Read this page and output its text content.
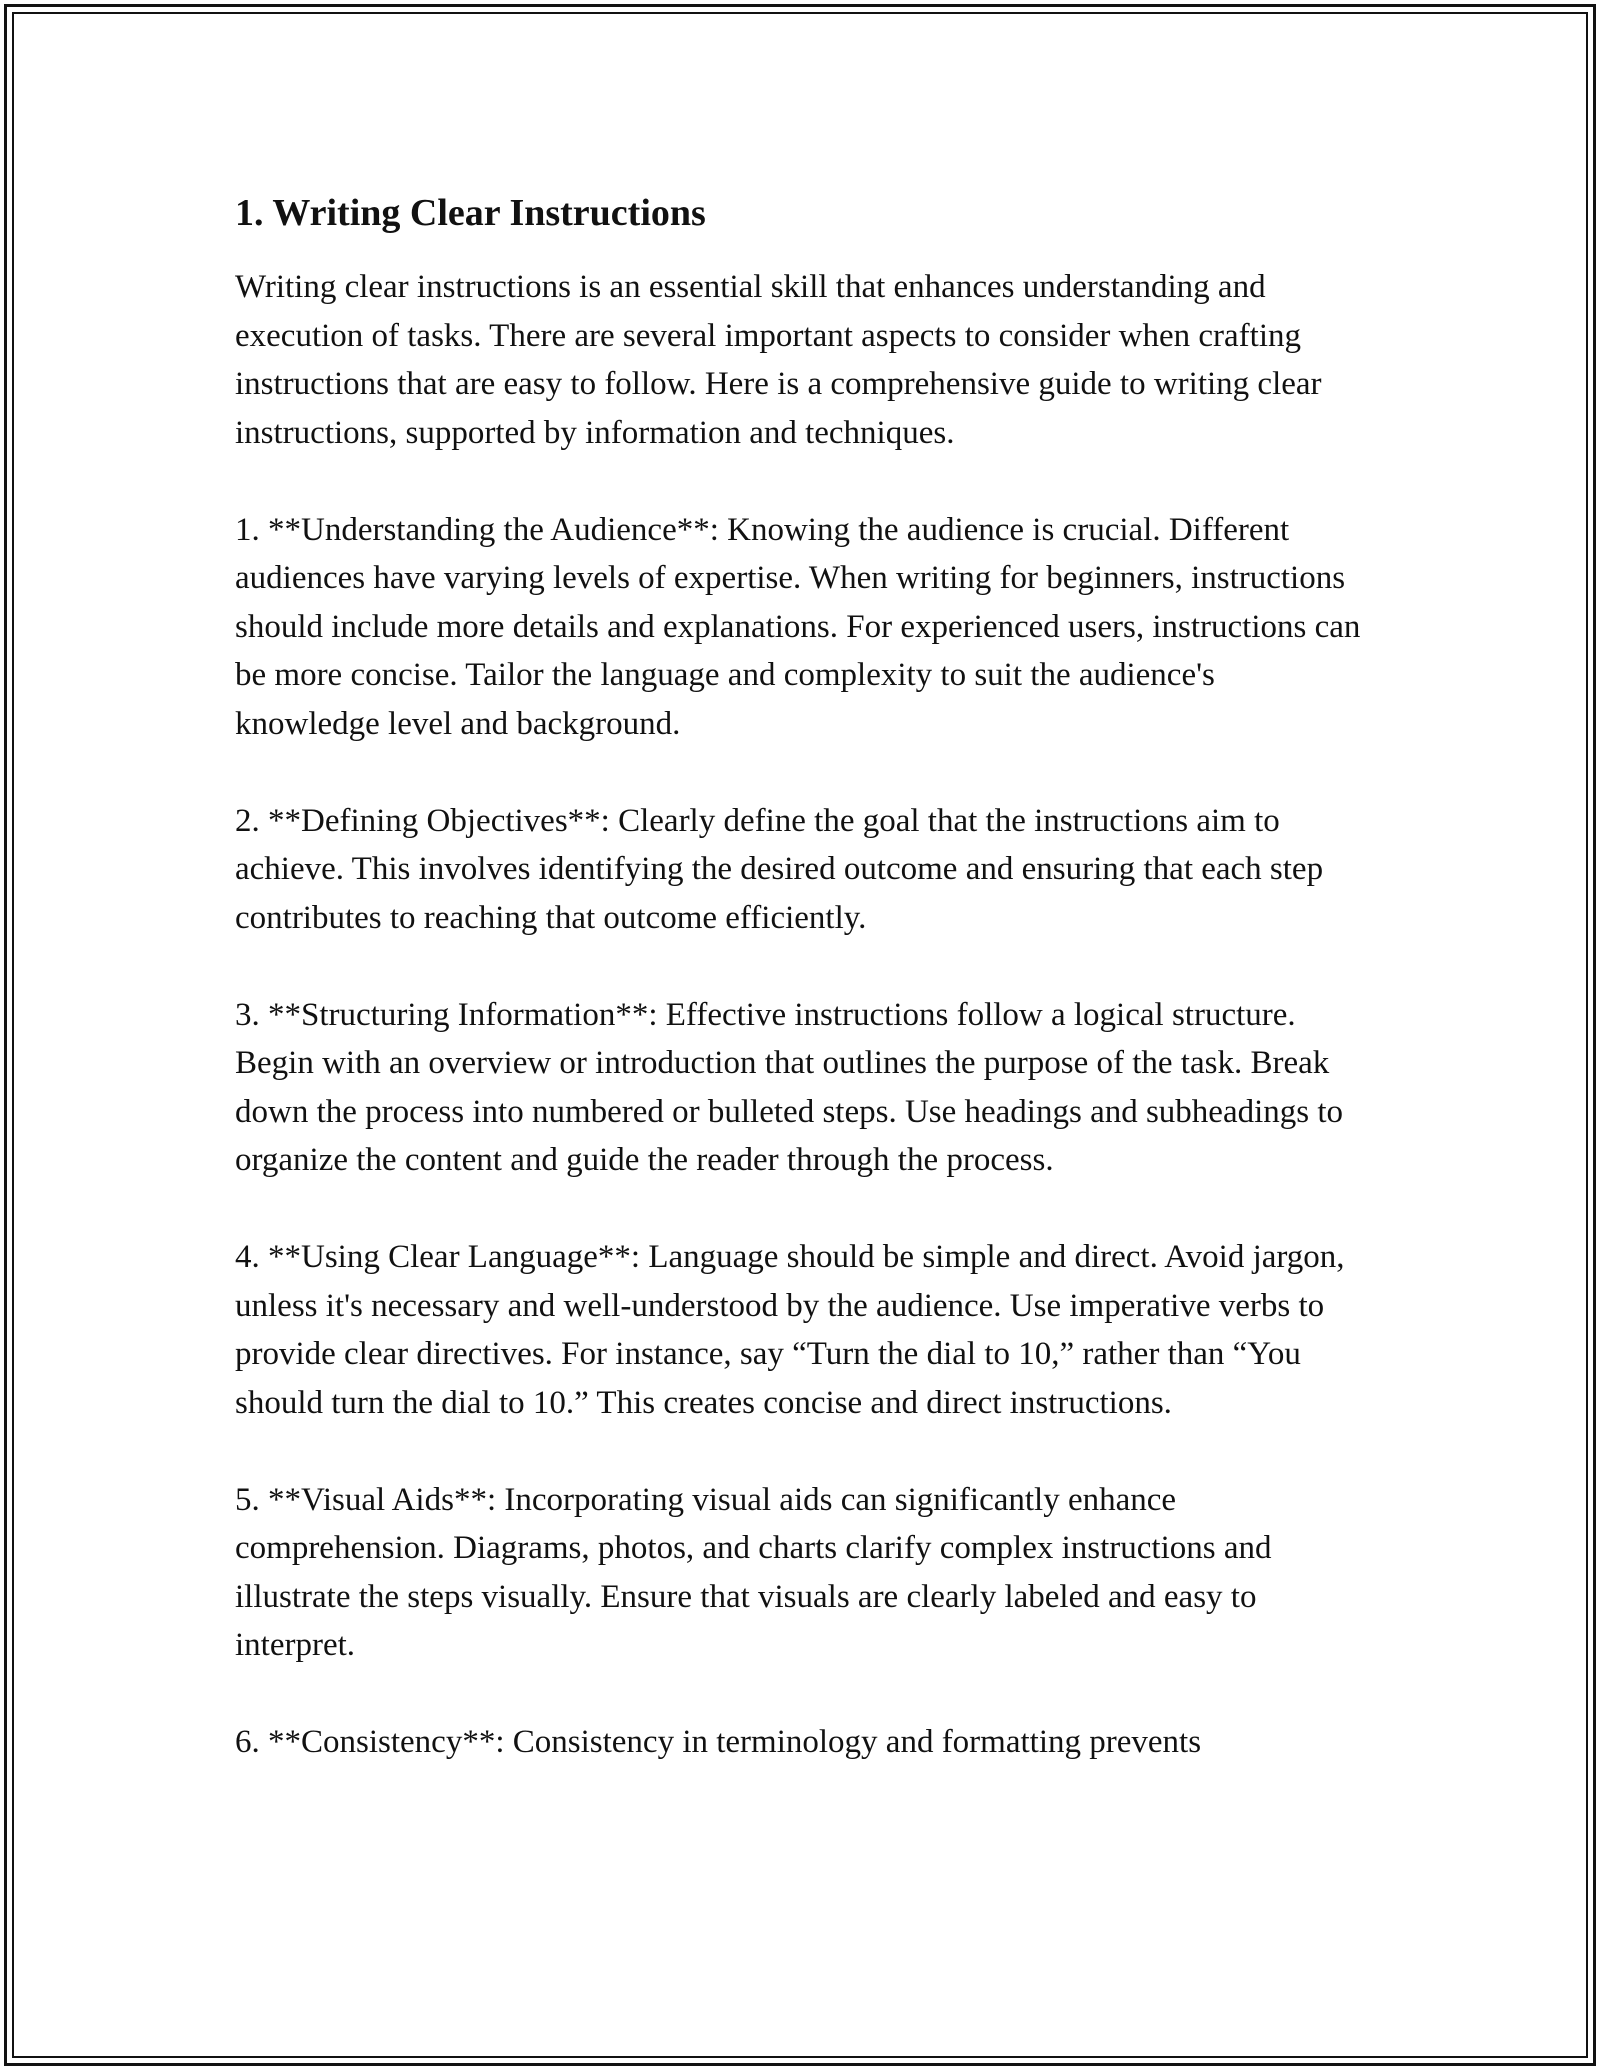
1. Writing Clear Instructions

Writing clear instructions is an essential skill that enhances understanding and execution of tasks. There are several important aspects to consider when crafting instructions that are easy to follow. Here is a comprehensive guide to writing clear instructions, supported by information and techniques.

1. **Understanding the Audience**: Knowing the audience is crucial. Different audiences have varying levels of expertise. When writing for beginners, instructions should include more details and explanations. For experienced users, instructions can be more concise. Tailor the language and complexity to suit the audience's knowledge level and background.

2. **Defining Objectives**: Clearly define the goal that the instructions aim to achieve. This involves identifying the desired outcome and ensuring that each step contributes to reaching that outcome efficiently.

3. **Structuring Information**: Effective instructions follow a logical structure. Begin with an overview or introduction that outlines the purpose of the task. Break down the process into numbered or bulleted steps. Use headings and subheadings to organize the content and guide the reader through the process.

4. **Using Clear Language**: Language should be simple and direct. Avoid jargon, unless it's necessary and well-understood by the audience. Use imperative verbs to provide clear directives. For instance, say “Turn the dial to 10,” rather than “You should turn the dial to 10.” This creates concise and direct instructions.

5. **Visual Aids**: Incorporating visual aids can significantly enhance comprehension. Diagrams, photos, and charts clarify complex instructions and illustrate the steps visually. Ensure that visuals are clearly labeled and easy to interpret.

6. **Consistency**: Consistency in terminology and formatting prevents
